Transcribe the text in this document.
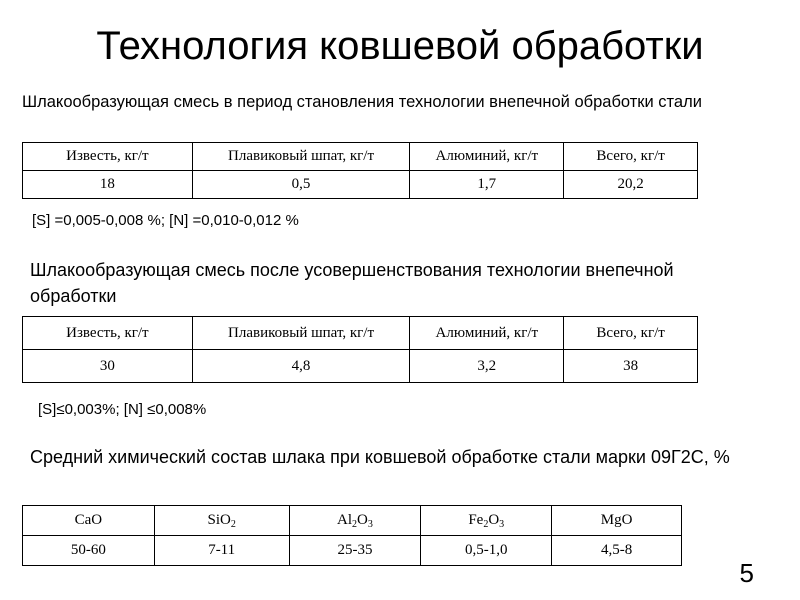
Технология ковшевой обработки
Шлакообразующая смесь в период становления технологии внепечной обработки стали
Известь, кг/т	Плавиковый шпат, кг/т	Алюминий, кг/т	Всего, кг/т
18	0,5	1,7	20,2
[S] =0,005-0,008 %; [N] =0,010-0,012 %
Шлакообразующая смесь после усовершенствования технологии внепечной обработки
Известь, кг/т	Плавиковый шпат, кг/т	Алюминий, кг/т	Всего, кг/т
30	4,8	3,2	38
[S]≤0,003%; [N] ≤0,008%
Средний химический состав шлака при ковшевой обработке стали марки 09Г2С, %
CaO	SiO$_2$	$Al_2O_3$	$Fe_2O_3$	MgO
50-60	7-11	25-35	0,5-1,0	4,5-8
5
